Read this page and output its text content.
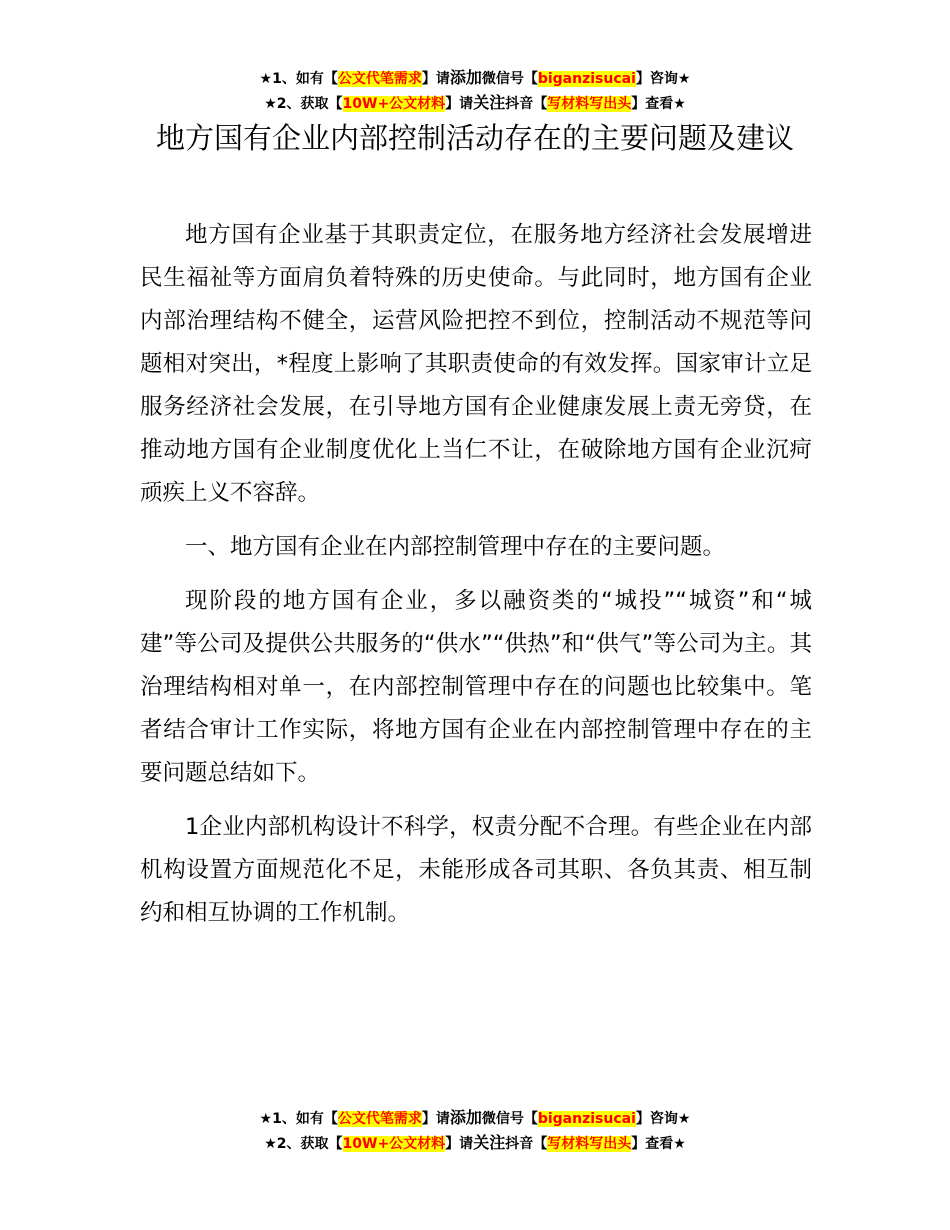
★1、如有【公文代笔需求】请添加微信号【biganzisucai】咨询★
★2、获取【10W+公文材料】请关注抖音【写材料写出头】查看★
地方国有企业内部控制活动存在的主要问题及建议

地方国有企业基于其职责定位，在服务地方经济社会发展增进民生福祉等方面肩负着特殊的历史使命。与此同时，地方国有企业内部治理结构不健全，运营风险把控不到位，控制活动不规范等问题相对突出，*程度上影响了其职责使命的有效发挥。国家审计立足服务经济社会发展，在引导地方国有企业健康发展上责无旁贷，在推动地方国有企业制度优化上当仁不让，在破除地方国有企业沉疴顽疾上义不容辞。

一、地方国有企业在内部控制管理中存在的主要问题。

现阶段的地方国有企业，多以融资类的“城投”“城资”和“城建”等公司及提供公共服务的“供水”“供热”和“供气”等公司为主。其治理结构相对单一，在内部控制管理中存在的问题也比较集中。笔者结合审计工作实际，将地方国有企业在内部控制管理中存在的主要问题总结如下。

1企业内部机构设计不科学，权责分配不合理。有些企业在内部机构设置方面规范化不足，未能形成各司其职、各负其责、相互制约和相互协调的工作机制。

★1、如有【公文代笔需求】请添加微信号【biganzisucai】咨询★
★2、获取【10W+公文材料】请关注抖音【写材料写出头】查看★
